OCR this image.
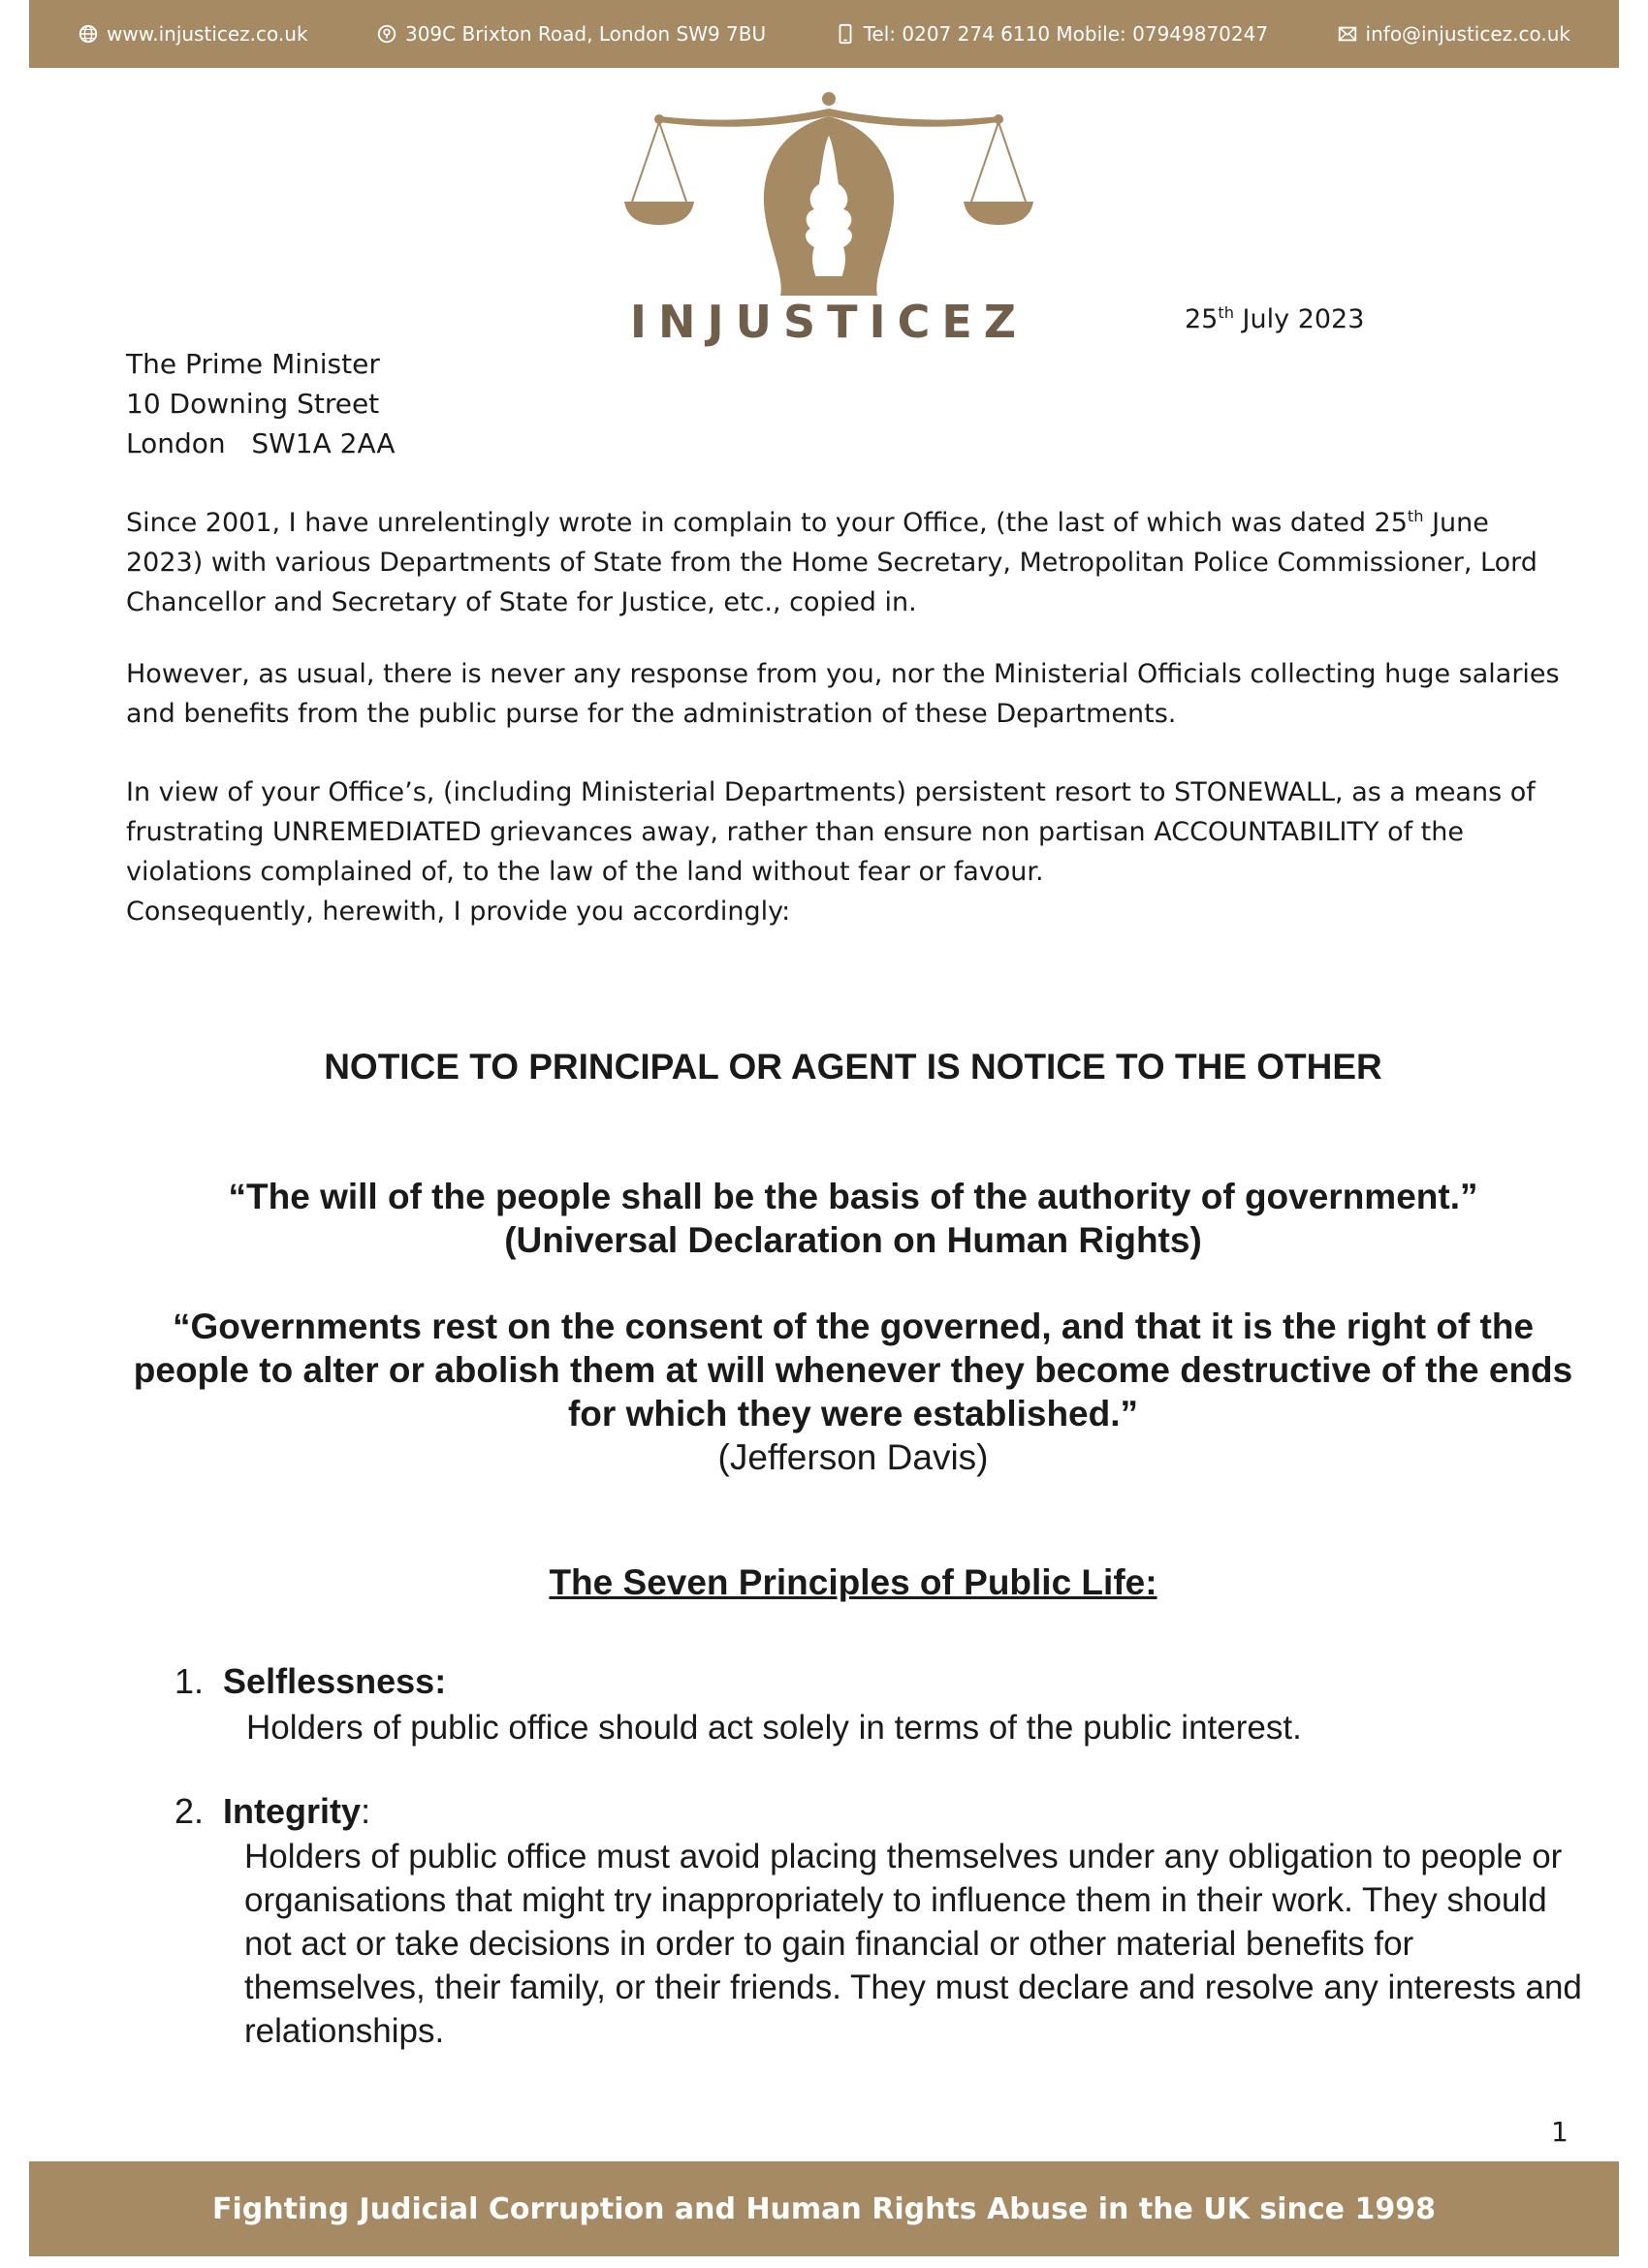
www.injusticez.co.uk	309C Brixton Road, London SW9 7BU	Tel: 0207 274 6110 Mobile: 07949870247	info@injusticez.co.uk
INJUSTICEZ	25th July 2023
The Prime Minister
10 Downing Street
London   SW1A 2AA
Since 2001, I have unrelentingly wrote in complain to your Office, (the last of which was dated 25th June 2023) with various Departments of State from the Home Secretary, Metropolitan Police Commissioner, Lord Chancellor and Secretary of State for Justice, etc., copied in.
However, as usual, there is never any response from you, nor the Ministerial Officials collecting huge salaries and benefits from the public purse for the administration of these Departments.
In view of your Office’s, (including Ministerial Departments) persistent resort to STONEWALL, as a means of frustrating UNREMEDIATED grievances away, rather than ensure non partisan ACCOUNTABILITY of the violations complained of, to the law of the land without fear or favour.
Consequently, herewith, I provide you accordingly:
NOTICE TO PRINCIPAL OR AGENT IS NOTICE TO THE OTHER
“The will of the people shall be the basis of the authority of government.”
(Universal Declaration on Human Rights)
“Governments rest on the consent of the governed, and that it is the right of the people to alter or abolish them at will whenever they become destructive of the ends for which they were established.”
(Jefferson Davis)
The Seven Principles of Public Life:
1. Selflessness:
Holders of public office should act solely in terms of the public interest.
2. Integrity:
Holders of public office must avoid placing themselves under any obligation to people or organisations that might try inappropriately to influence them in their work. They should not act or take decisions in order to gain financial or other material benefits for themselves, their family, or their friends. They must declare and resolve any interests and relationships.
1
Fighting Judicial Corruption and Human Rights Abuse in the UK since 1998
